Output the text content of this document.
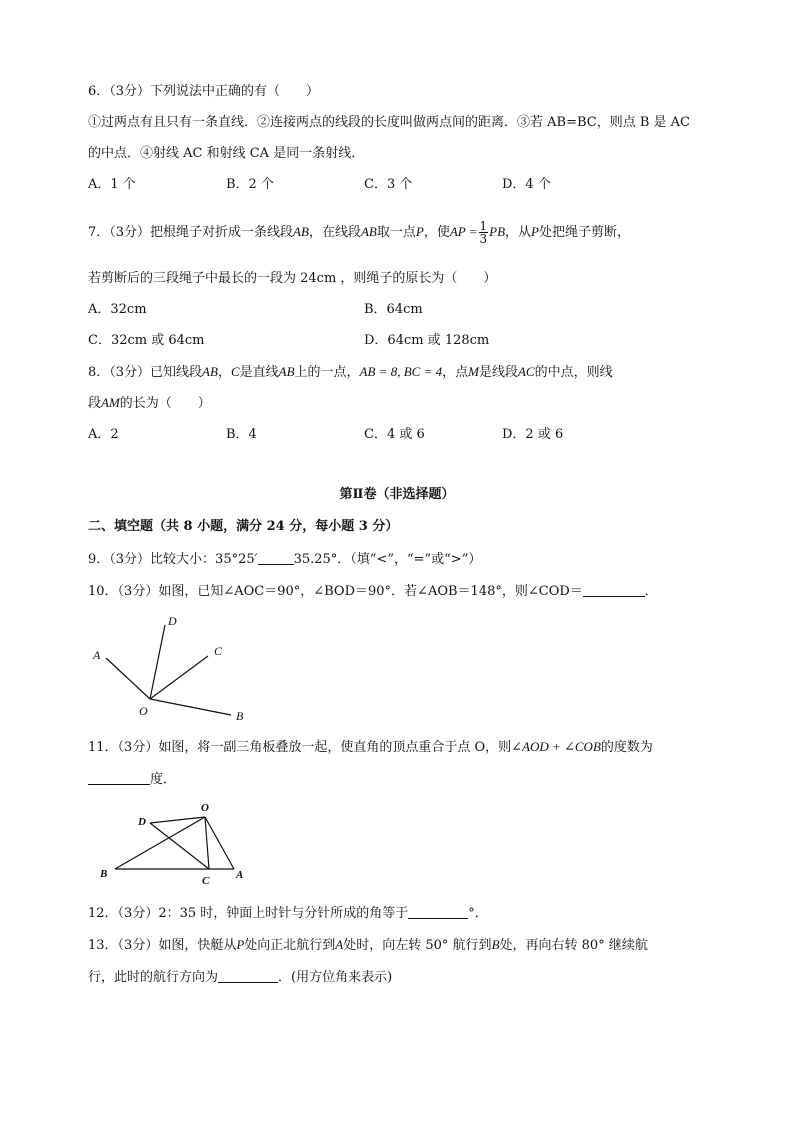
6．（3分）下列说法中正确的有（　　）
①过两点有且只有一条直线．②连接两点的线段的长度叫做两点间的距离．③若 AB=BC，则点 B 是 AC
的中点．④射线 AC 和射线 CA 是同一条射线．
A．1 个	B．2 个	C．3 个	D．4 个
7．（3分）把根绳子对折成一条线段AB，在线段AB取一点P，使AP = $\frac{1}{3}$ PB，从P处把绳子剪断，
若剪断后的三段绳子中最长的一段为 24cm ，则绳子的原长为（　　）
A．32cm	B．64cm
C．32cm 或 64cm	D．64cm 或 128cm
8．（3分）已知线段AB，C是直线AB上的一点，AB = 8, BC = 4，点M是线段AC的中点，则线
段AM的长为（　　）
A．2	B．4	C．4 或 6	D．2 或 6
第Ⅱ卷（非选择题）
二、填空题（共 8 小题，满分 24 分，每小题 3 分）
9．（3分）比较大小：35°25′	35.25°．（填“<”，“=”或“>”）
10．（3分）如图，已知∠AOC＝90°，∠BOD＝90°．若∠AOB＝148°，则∠COD＝	．
A
D
C
O	B
11．（3分）如图，将一副三角板叠放一起，使直角的顶点重合于点 O，则∠AOD + ∠COB的度数为
度．
O
D
B
C A
12．（3分）2：35 时，钟面上时针与分针所成的角等于	°．
13．（3分）如图，快艇从P处向正北航行到A处时，向左转 50° 航行到B处，再向右转 80° 继续航
行，此时的航行方向为	．(用方位角来表示)
